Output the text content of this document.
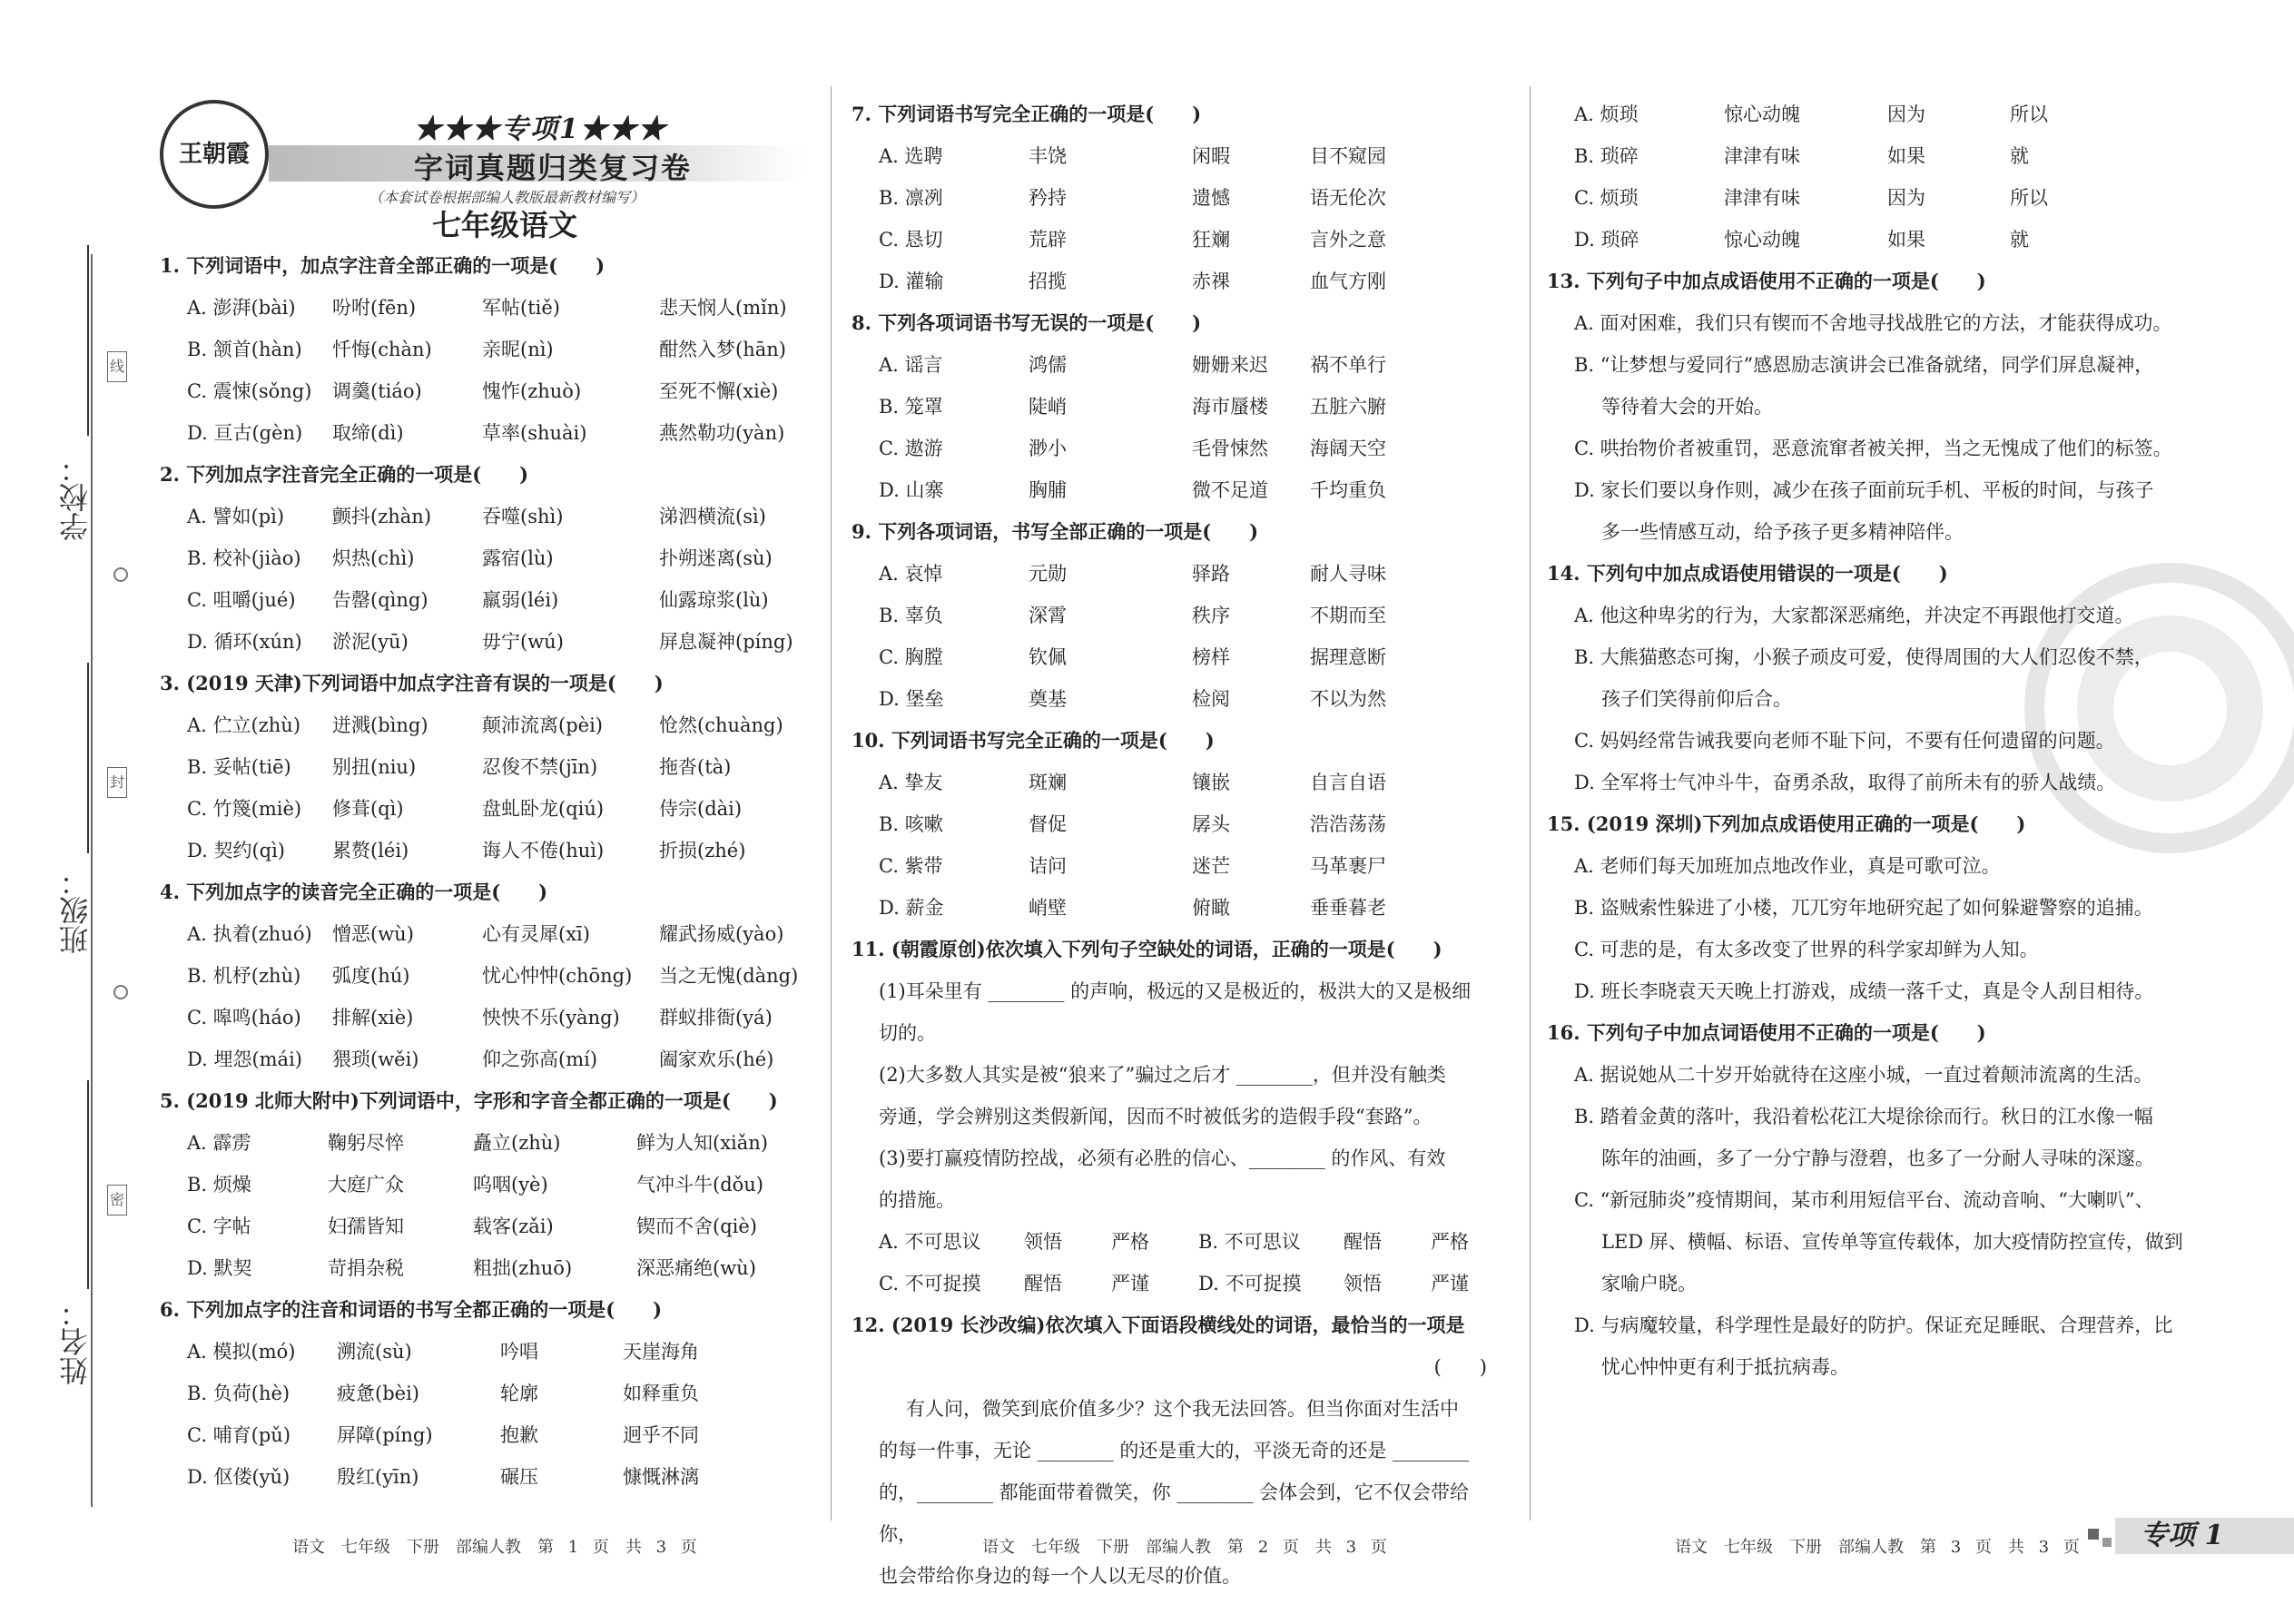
学校：
班级：
姓名：
线
封
密
王朝霞
★★★专项1★★★
字词真题归类复习卷
（本套试卷根据部编人教版最新教材编写）
七年级语文
1. 下列词语中，加点字注音全部正确的一项是(　　)
A. 澎湃(bài)	吩咐(fēn)	军帖(tiě)	悲天悯人(mǐn)
B. 颔首(hàn)	忏悔(chàn)	亲昵(nì)	酣然入梦(hān)
C. 震悚(sǒng)	调羹(tiáo)	愧怍(zhuò)	至死不懈(xiè)
D. 亘古(gèn)	取缔(dì)	草率(shuài)	燕然勒功(yàn)
2. 下列加点字注音完全正确的一项是(　　)
A. 譬如(pì)	颤抖(zhàn)	吞噬(shì)	涕泗横流(sì)
B. 校补(jiào)	炽热(chì)	露宿(lù)	扑朔迷离(sù)
C. 咀嚼(jué)	告罄(qìng)	羸弱(léi)	仙露琼浆(lù)
D. 循环(xún)	淤泥(yū)	毋宁(wú)	屏息凝神(píng)
3. (2019 天津)下列词语中加点字注音有误的一项是(　　)
A. 伫立(zhù)	迸溅(bìng)	颠沛流离(pèi)	怆然(chuàng)
B. 妥帖(tiē)	别扭(niu)	忍俊不禁(jīn)	拖沓(tà)
C. 竹篾(miè)	修葺(qì)	盘虬卧龙(qiú)	侍宗(dài)
D. 契约(qì)	累赘(léi)	诲人不倦(huì)	折损(zhé)
4. 下列加点字的读音完全正确的一项是(　　)
A. 执着(zhuó)	憎恶(wù)	心有灵犀(xī)	耀武扬威(yào)
B. 机杼(zhù)	弧度(hú)	忧心忡忡(chōng)	当之无愧(dàng)
C. 嗥鸣(háo)	排解(xiè)	怏怏不乐(yàng)	群蚁排衙(yá)
D. 埋怨(mái)	猥琐(wěi)	仰之弥高(mí)	阖家欢乐(hé)
5. (2019 北师大附中)下列词语中，字形和字音全都正确的一项是(　　)
A. 霹雳	鞠躬尽悴	矗立(zhù)	鲜为人知(xiǎn)
B. 烦燥	大庭广众	呜咽(yè)	气冲斗牛(dǒu)
C. 字帖	妇孺皆知	载客(zǎi)	锲而不舍(qiè)
D. 默契	苛捐杂税	粗拙(zhuō)	深恶痛绝(wù)
6. 下列加点字的注音和词语的书写全都正确的一项是(　　)
A. 模拟(mó)	溯流(sù)	吟唱	天崖海角
B. 负荷(hè)	疲惫(bèi)	轮廓	如释重负
C. 哺育(pǔ)	屏障(píng)	抱歉	迥乎不同
D. 伛偻(yǔ)	殷红(yīn)	碾压	慷慨淋漓
7. 下列词语书写完全正确的一项是(　　)
A. 选聘	丰饶	闲暇	目不窥园
B. 凛冽	矜持	遗憾	语无伦次
C. 恳切	荒辟	狂斓	言外之意
D. 灌输	招揽	赤祼	血气方刚
8. 下列各项词语书写无误的一项是(　　)
A. 谣言	鸿儒	姗姗来迟	祸不单行
B. 笼罩	陡峭	海市蜃楼	五脏六腑
C. 遨游	渺小	毛骨悚然	海阔天空
D. 山寨	胸脯	微不足道	千均重负
9. 下列各项词语，书写全部正确的一项是(　　)
A. 哀悼	元勋	驿路	耐人寻味
B. 辜负	深霄	秩序	不期而至
C. 胸膛	钦佩	榜样	据理意断
D. 堡垒	奠基	检阅	不以为然
10. 下列词语书写完全正确的一项是(　　)
A. 挚友	斑斓	镶嵌	自言自语
B. 咳嗽	督促	孱头	浩浩荡荡
C. 紫带	诘问	迷芒	马革裹尸
D. 薪金	峭壁	俯瞰	垂垂暮老
11. (朝霞原创)依次填入下列句子空缺处的词语，正确的一项是(　　)
(1)耳朵里有 ________ 的声响，极远的又是极近的，极洪大的又是极细
切的。
(2)大多数人其实是被“狼来了”骗过之后才 ________，但并没有触类
旁通，学会辨别这类假新闻，因而不时被低劣的造假手段“套路”。
(3)要打赢疫情防控战，必须有必胜的信心、________ 的作风、有效
的措施。
A. 不可思议 领悟	严格	B. 不可思议 醒悟	严格
C. 不可捉摸 醒悟	严谨	D. 不可捉摸 领悟	严谨
12. (2019 长沙改编)依次填入下面语段横线处的词语，最恰当的一项是
(　　)
有人问，微笑到底价值多少？这个我无法回答。但当你面对生活中
的每一件事，无论 ________ 的还是重大的，平淡无奇的还是 ________
的，________ 都能面带着微笑，你 ________ 会体会到，它不仅会带给你，
也会带给你身边的每一个人以无尽的价值。
A. 烦琐	惊心动魄	因为	所以
B. 琐碎	津津有味	如果	就
C. 烦琐	津津有味	因为	所以
D. 琐碎	惊心动魄	如果	就
13. 下列句子中加点成语使用不正确的一项是(　　)
A. 面对困难，我们只有锲而不舍地寻找战胜它的方法，才能获得成功。
B. “让梦想与爱同行”感恩励志演讲会已准备就绪，同学们屏息凝神，
等待着大会的开始。
C. 哄抬物价者被重罚，恶意流窜者被关押，当之无愧成了他们的标签。
D. 家长们要以身作则，减少在孩子面前玩手机、平板的时间，与孩子
多一些情感互动，给予孩子更多精神陪伴。
14. 下列句中加点成语使用错误的一项是(　　)
A. 他这种卑劣的行为，大家都深恶痛绝，并决定不再跟他打交道。
B. 大熊猫憨态可掬，小猴子顽皮可爱，使得周围的大人们忍俊不禁，
孩子们笑得前仰后合。
C. 妈妈经常告诫我要向老师不耻下问，不要有任何遗留的问题。
D. 全军将士气冲斗牛，奋勇杀敌，取得了前所未有的骄人战绩。
15. (2019 深圳)下列加点成语使用正确的一项是(　　)
A. 老师们每天加班加点地改作业，真是可歌可泣。
B. 盗贼索性躲进了小楼，兀兀穷年地研究起了如何躲避警察的追捕。
C. 可悲的是，有太多改变了世界的科学家却鲜为人知。
D. 班长李晓袁天天晚上打游戏，成绩一落千丈，真是令人刮目相待。
16. 下列句子中加点词语使用不正确的一项是(　　)
A. 据说她从二十岁开始就待在这座小城，一直过着颠沛流离的生活。
B. 踏着金黄的落叶，我沿着松花江大堤徐徐而行。秋日的江水像一幅
陈年的油画，多了一分宁静与澄碧，也多了一分耐人寻味的深邃。
C. “新冠肺炎”疫情期间，某市利用短信平台、流动音响、“大喇叭”、
LED 屏、横幅、标语、宣传单等宣传载体，加大疫情防控宣传，做到
家喻户晓。
D. 与病魔较量，科学理性是最好的防护。保证充足睡眠、合理营养，比
忧心忡忡更有利于抵抗病毒。
语文　七年级　下册　部编人教　第 1 页　共 3 页	语文　七年级　下册　部编人教　第 2 页　共 3 页	语文　七年级　下册　部编人教　第 3 页　共 3 页 专项 1
